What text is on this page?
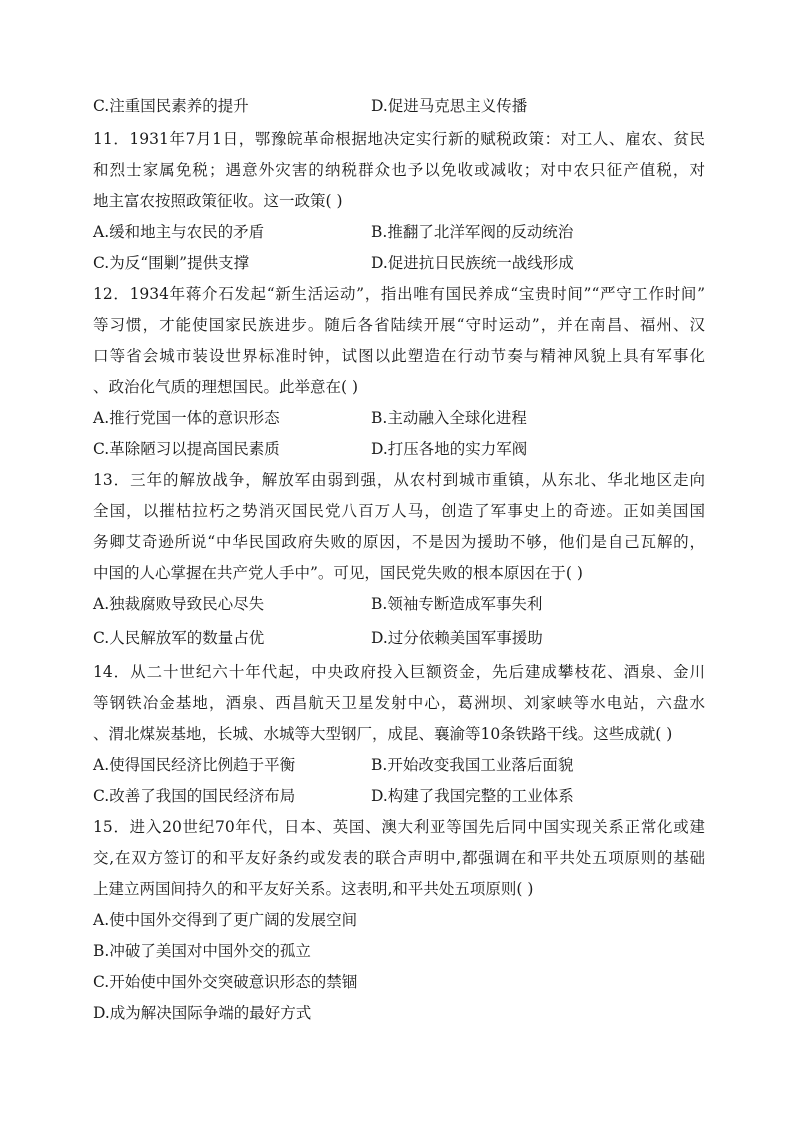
C.注重国民素养的提升	D.促进马克思主义传播
11．1931年7月1日，鄂豫皖革命根据地决定实行新的赋税政策：对工人、雇农、贫民
和烈士家属免税；遇意外灾害的纳税群众也予以免收或减收；对中农只征产值税，对
地主富农按照政策征收。这一政策( )
A.缓和地主与农民的矛盾	B.推翻了北洋军阀的反动统治
C.为反“围剿”提供支撑	D.促进抗日民族统一战线形成
12．1934年蒋介石发起“新生活运动”，指出唯有国民养成“宝贵时间”“严守工作时间”
等习惯，才能使国家民族进步。随后各省陆续开展“守时运动”，并在南昌、福州、汉
口等省会城市装设世界标准时钟，试图以此塑造在行动节奏与精神风貌上具有军事化
、政治化气质的理想国民。此举意在( )
A.推行党国一体的意识形态	B.主动融入全球化进程
C.革除陋习以提高国民素质	D.打压各地的实力军阀
13．三年的解放战争，解放军由弱到强，从农村到城市重镇，从东北、华北地区走向
全国，以摧枯拉朽之势消灭国民党八百万人马，创造了军事史上的奇迹。正如美国国
务卿艾奇逊所说“中华民国政府失败的原因，不是因为援助不够，他们是自己瓦解的，
中国的人心掌握在共产党人手中”。可见，国民党失败的根本原因在于( )
A.独裁腐败导致民心尽失	B.领袖专断造成军事失利
C.人民解放军的数量占优	D.过分依赖美国军事援助
14．从二十世纪六十年代起，中央政府投入巨额资金，先后建成攀枝花、酒泉、金川
等钢铁冶金基地，酒泉、西昌航天卫星发射中心，葛洲坝、刘家峡等水电站，六盘水
、渭北煤炭基地，长城、水城等大型钢厂，成昆、襄渝等10条铁路干线。这些成就( )
A.使得国民经济比例趋于平衡	B.开始改变我国工业落后面貌
C.改善了我国的国民经济布局	D.构建了我国完整的工业体系
15．进入20世纪70年代，日本、英国、澳大利亚等国先后同中国实现关系正常化或建
交,在双方签订的和平友好条约或发表的联合声明中,都强调在和平共处五项原则的基础
上建立两国间持久的和平友好关系。这表明,和平共处五项原则( )
A.使中国外交得到了更广阔的发展空间
B.冲破了美国对中国外交的孤立
C.开始使中国外交突破意识形态的禁锢
D.成为解决国际争端的最好方式
